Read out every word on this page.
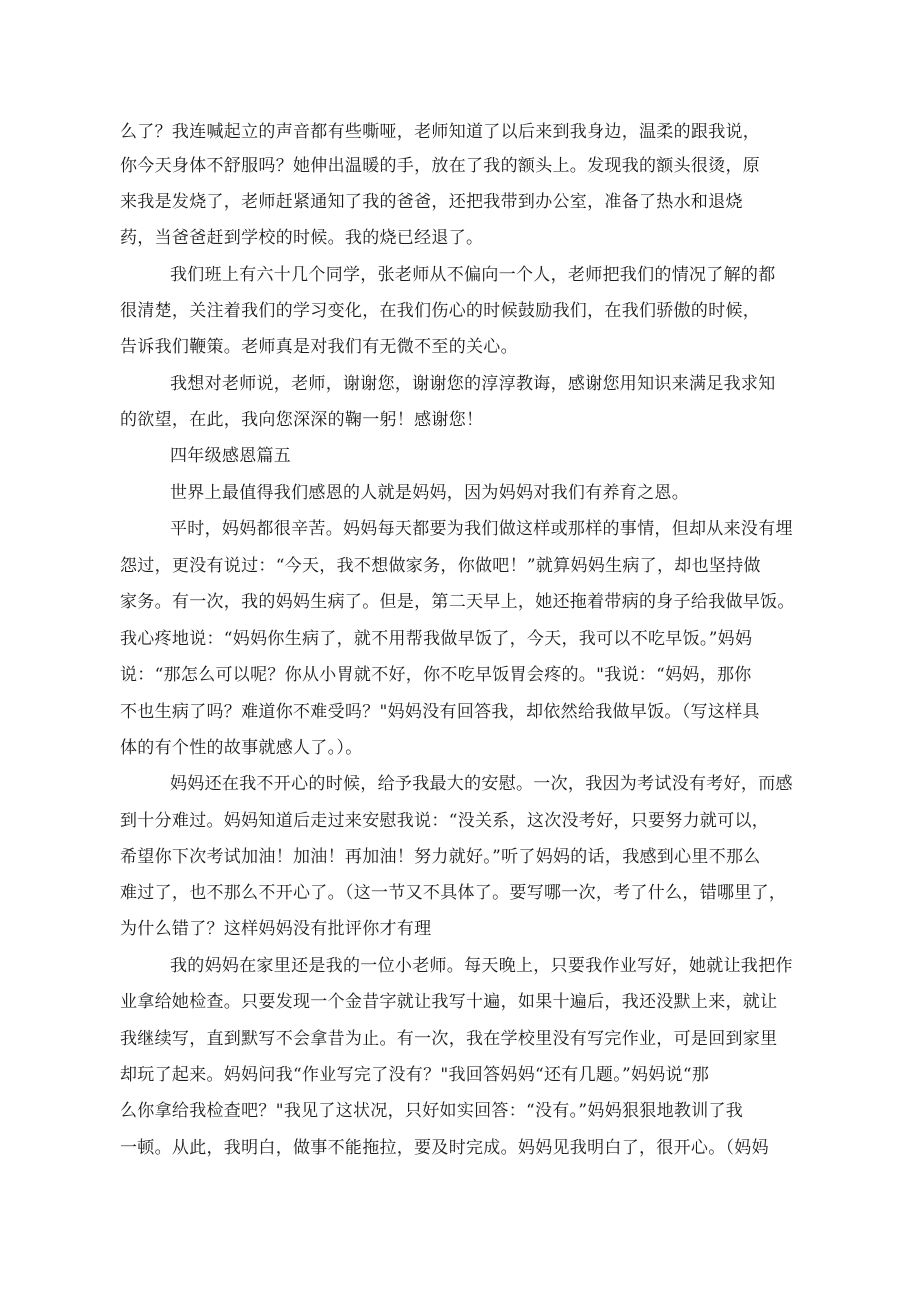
么了？我连喊起立的声音都有些嘶哑，老师知道了以后来到我身边，温柔的跟我说，
你今天身体不舒服吗？她伸出温暖的手，放在了我的额头上。发现我的额头很烫，原
来我是发烧了，老师赶紧通知了我的爸爸，还把我带到办公室，准备了热水和退烧
药，当爸爸赶到学校的时候。我的烧已经退了。
我们班上有六十几个同学，张老师从不偏向一个人，老师把我们的情况了解的都
很清楚，关注着我们的学习变化，在我们伤心的时候鼓励我们，在我们骄傲的时候，
告诉我们鞭策。老师真是对我们有无微不至的关心。
我想对老师说，老师，谢谢您，谢谢您的淳淳教诲，感谢您用知识来满足我求知
的欲望，在此，我向您深深的鞠一躬！感谢您！
四年级感恩篇五
世界上最值得我们感恩的人就是妈妈，因为妈妈对我们有养育之恩。
平时，妈妈都很辛苦。妈妈每天都要为我们做这样或那样的事情，但却从来没有埋
怨过，更没有说过：“今天，我不想做家务，你做吧！”就算妈妈生病了，却也坚持做
家务。有一次，我的妈妈生病了。但是，第二天早上，她还拖着带病的身子给我做早饭。
我心疼地说：“妈妈你生病了，就不用帮我做早饭了，今天，我可以不吃早饭。”妈妈
说：“那怎么可以呢？你从小胃就不好，你不吃早饭胃会疼的。"我说：“妈妈，那你
不也生病了吗？难道你不难受吗？"妈妈没有回答我，却依然给我做早饭。（写这样具
体的有个性的故事就感人了。）。
妈妈还在我不开心的时候，给予我最大的安慰。一次，我因为考试没有考好，而感
到十分难过。妈妈知道后走过来安慰我说：“没关系，这次没考好，只要努力就可以，
希望你下次考试加油！加油！再加油！努力就好。”听了妈妈的话，我感到心里不那么
难过了，也不那么不开心了。（这一节又不具体了。要写哪一次，考了什么，错哪里了，
为什么错了？这样妈妈没有批评你才有理
我的妈妈在家里还是我的一位小老师。每天晚上，只要我作业写好，她就让我把作
业拿给她检查。只要发现一个金昔字就让我写十遍，如果十遍后，我还没默上来，就让
我继续写，直到默写不会拿昔为止。有一次，我在学校里没有写完作业，可是回到家里
却玩了起来。妈妈问我“作业写完了没有？"我回答妈妈“还有几题。”妈妈说“那
么你拿给我检查吧？"我见了这状况，只好如实回答：“没有。”妈妈狠狠地教训了我
一顿。从此，我明白，做事不能拖拉，要及时完成。妈妈见我明白了，很开心。（妈妈
